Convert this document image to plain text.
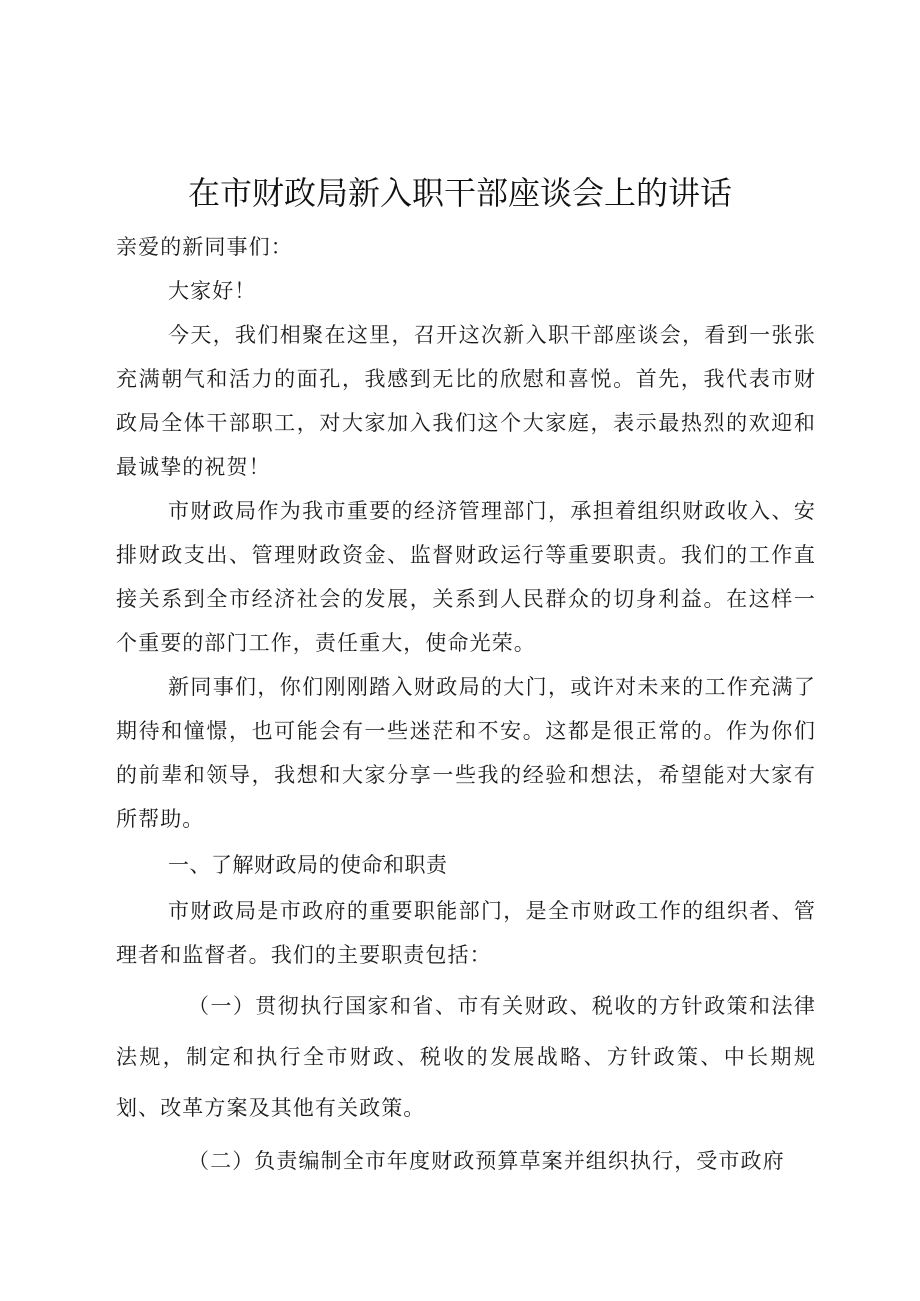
在市财政局新入职干部座谈会上的讲话

亲爱的新同事们：

大家好！

今天，我们相聚在这里，召开这次新入职干部座谈会，看到一张张充满朝气和活力的面孔，我感到无比的欣慰和喜悦。首先，我代表市财政局全体干部职工，对大家加入我们这个大家庭，表示最热烈的欢迎和最诚挚的祝贺！

市财政局作为我市重要的经济管理部门，承担着组织财政收入、安排财政支出、管理财政资金、监督财政运行等重要职责。我们的工作直接关系到全市经济社会的发展，关系到人民群众的切身利益。在这样一个重要的部门工作，责任重大，使命光荣。

新同事们，你们刚刚踏入财政局的大门，或许对未来的工作充满了期待和憧憬，也可能会有一些迷茫和不安。这都是很正常的。作为你们的前辈和领导，我想和大家分享一些我的经验和想法，希望能对大家有所帮助。

一、了解财政局的使命和职责

市财政局是市政府的重要职能部门，是全市财政工作的组织者、管理者和监督者。我们的主要职责包括：

（一）贯彻执行国家和省、市有关财政、税收的方针政策和法律法规，制定和执行全市财政、税收的发展战略、方针政策、中长期规划、改革方案及其他有关政策。

（二）负责编制全市年度财政预算草案并组织执行，受市政府
